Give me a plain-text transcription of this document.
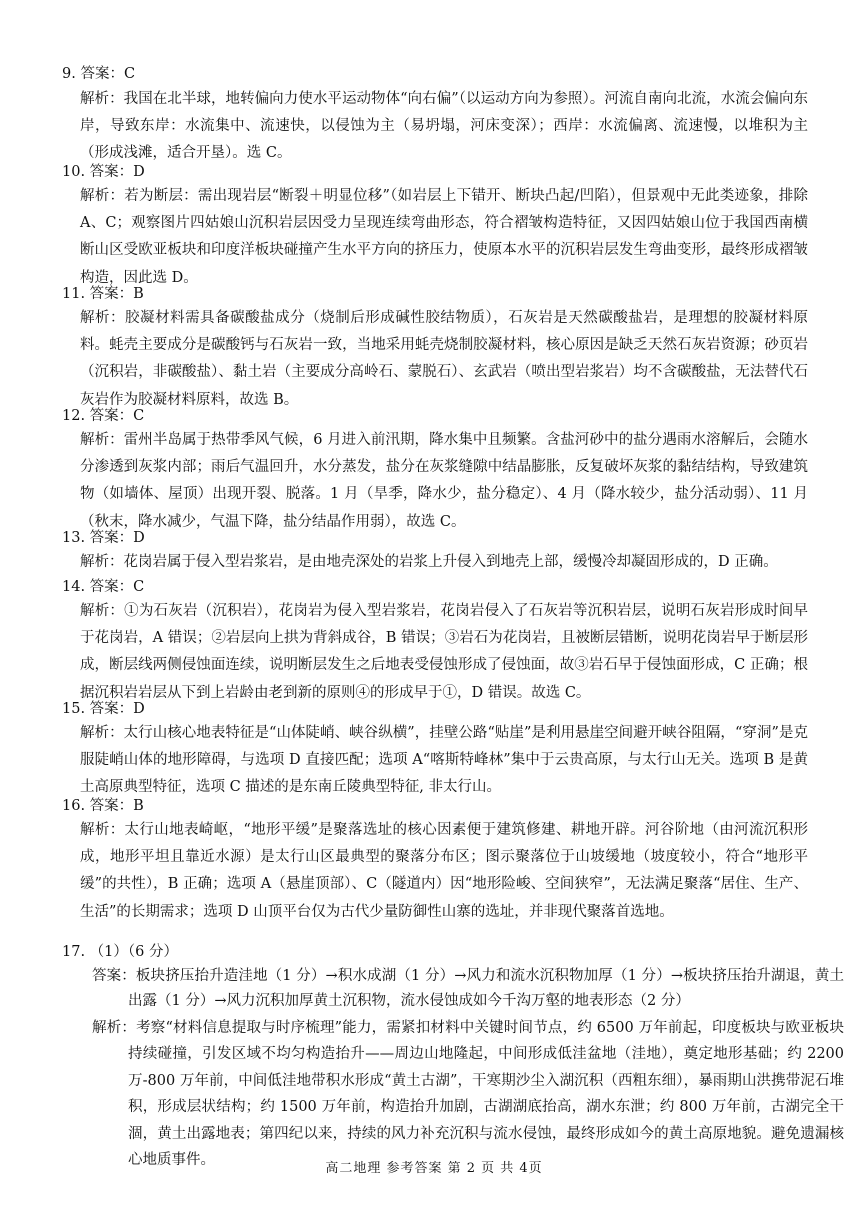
9. 答案：C
解析：我国在北半球，地转偏向力使水平运动物体“向右偏”（以运动方向为参照）。河流自南向北流，水流会偏向东岸，导致东岸：水流集中、流速快，以侵蚀为主（易坍塌，河床变深）；西岸：水流偏离、流速慢，以堆积为主（形成浅滩，适合开垦）。选 C。
10. 答案：D
解析：若为断层：需出现岩层“断裂＋明显位移”（如岩层上下错开、断块凸起/凹陷），但景观中无此类迹象，排除 A、C；观察图片四姑娘山沉积岩层因受力呈现连续弯曲形态，符合褶皱构造特征，又因四姑娘山位于我国西南横断山区受欧亚板块和印度洋板块碰撞产生水平方向的挤压力，使原本水平的沉积岩层发生弯曲变形，最终形成褶皱构造，因此选 D。
11. 答案：B
解析：胶凝材料需具备碳酸盐成分（烧制后形成碱性胶结物质），石灰岩是天然碳酸盐岩，是理想的胶凝材料原料。蚝壳主要成分是碳酸钙与石灰岩一致，当地采用蚝壳烧制胶凝材料，核心原因是缺乏天然石灰岩资源；砂页岩（沉积岩，非碳酸盐）、黏土岩（主要成分高岭石、蒙脱石）、玄武岩（喷出型岩浆岩）均不含碳酸盐，无法替代石灰岩作为胶凝材料原料，故选 B。
12. 答案：C
解析：雷州半岛属于热带季风气候，6 月进入前汛期，降水集中且频繁。含盐河砂中的盐分遇雨水溶解后，会随水分渗透到灰浆内部；雨后气温回升，水分蒸发，盐分在灰浆缝隙中结晶膨胀，反复破坏灰浆的黏结结构，导致建筑物（如墙体、屋顶）出现开裂、脱落。1 月（旱季，降水少，盐分稳定）、4 月（降水较少，盐分活动弱）、11 月（秋末，降水减少，气温下降，盐分结晶作用弱），故选 C。
13. 答案：D
解析：花岗岩属于侵入型岩浆岩，是由地壳深处的岩浆上升侵入到地壳上部，缓慢冷却凝固形成的，D 正确。
14. 答案：C
解析：①为石灰岩（沉积岩），花岗岩为侵入型岩浆岩，花岗岩侵入了石灰岩等沉积岩层，说明石灰岩形成时间早于花岗岩，A 错误；②岩层向上拱为背斜成谷，B 错误；③岩石为花岗岩，且被断层错断，说明花岗岩早于断层形成，断层线两侧侵蚀面连续，说明断层发生之后地表受侵蚀形成了侵蚀面，故③岩石早于侵蚀面形成，C 正确；根据沉积岩岩层从下到上岩龄由老到新的原则④的形成早于①，D 错误。故选 C。
15. 答案：D
解析：太行山核心地表特征是“山体陡峭、峡谷纵横”，挂壁公路“贴崖”是利用悬崖空间避开峡谷阻隔，“穿洞”是克服陡峭山体的地形障碍，与选项 D 直接匹配；选项 A“喀斯特峰林”集中于云贵高原，与太行山无关。选项 B 是黄土高原典型特征，选项 C 描述的是东南丘陵典型特征, 非太行山。
16. 答案：B
解析：太行山地表崎岖，“地形平缓”是聚落选址的核心因素便于建筑修建、耕地开辟。河谷阶地（由河流沉积形成，地形平坦且靠近水源）是太行山区最典型的聚落分布区；图示聚落位于山坡缓地（坡度较小，符合“地形平缓”的共性），B 正确；选项 A（悬崖顶部）、C（隧道内）因“地形险峻、空间狭窄”，无法满足聚落“居住、生产、生活”的长期需求；选项 D 山顶平台仅为古代少量防御性山寨的选址，并非现代聚落首选地。
17. （1）（6 分）
答案：板块挤压抬升造洼地（1 分）→积水成湖（1 分）→风力和流水沉积物加厚（1 分）→板块挤压抬升湖退，黄土出露（1 分）→风力沉积加厚黄土沉积物，流水侵蚀成如今千沟万壑的地表形态（2 分）
解析：考察“材料信息提取与时序梳理”能力，需紧扣材料中关键时间节点，约 6500 万年前起，印度板块与欧亚板块持续碰撞，引发区域不均匀构造抬升——周边山地隆起，中间形成低洼盆地（洼地），奠定地形基础；约 2200 万-800 万年前，中间低洼地带积水形成“黄土古湖”，干寒期沙尘入湖沉积（西粗东细），暴雨期山洪携带泥石堆积，形成层状结构；约 1500 万年前，构造抬升加剧，古湖湖底抬高，湖水东泄；约 800 万年前，古湖完全干涸，黄土出露地表；第四纪以来，持续的风力补充沉积与流水侵蚀，最终形成如今的黄土高原地貌。避免遗漏核心地质事件。
高二地理 参考答案 第 2 页 共 4页
